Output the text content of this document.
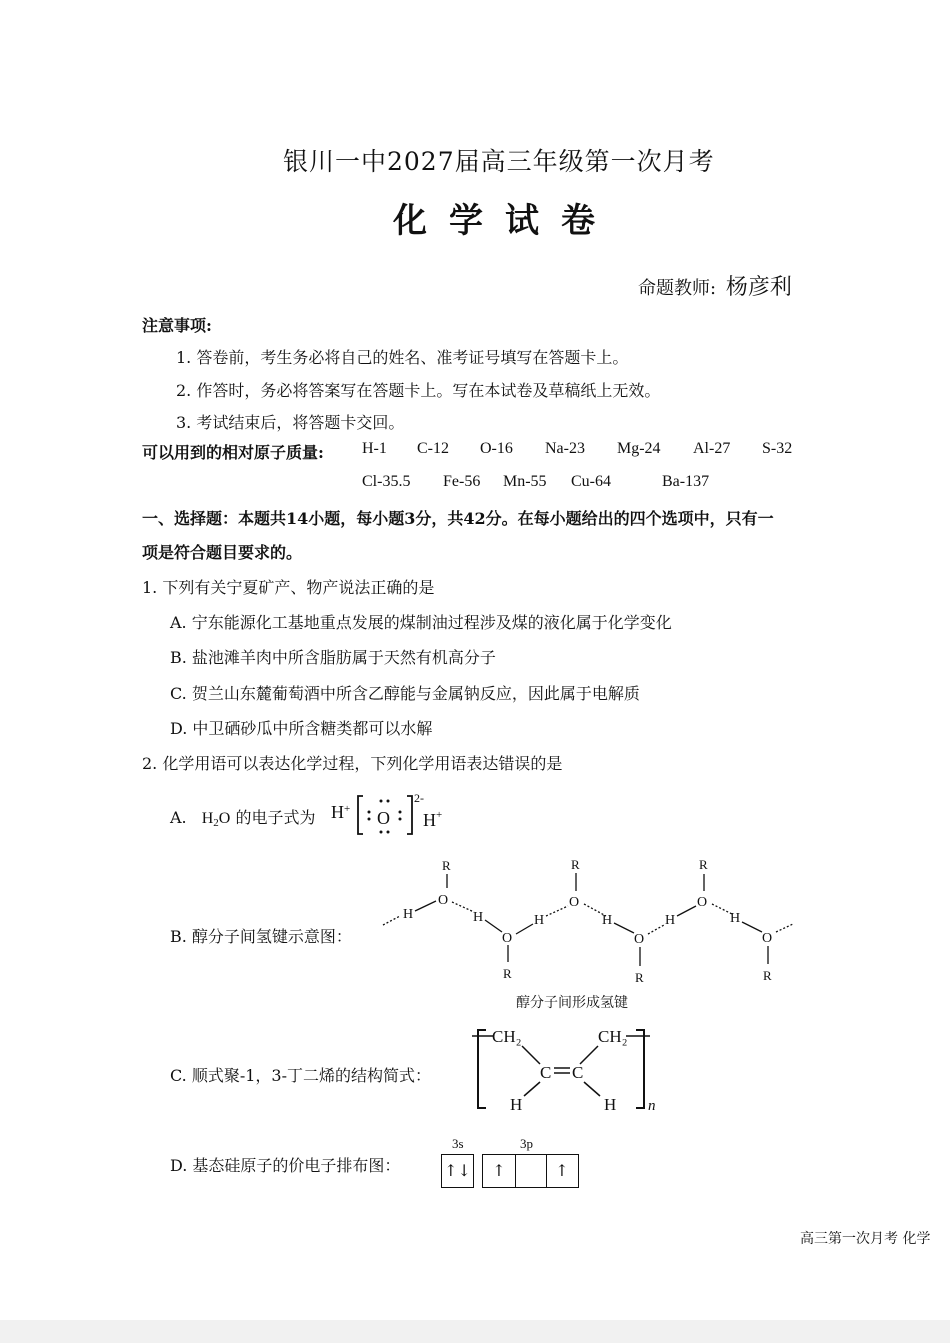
银川一中2027届高三年级第一次月考
化学试卷
命题教师: 杨彦利
注意事项:
1. 答卷前，考生务必将自己的姓名、准考证号填写在答题卡上。
2. 作答时，务必将答案写在答题卡上。写在本试卷及草稿纸上无效。
3. 考试结束后，将答题卡交回。
可以用到的相对原子质量: H-1 C-12 O-16 Na-23 Mg-24 Al-27 S-32
Cl-35.5 Fe-56 Mn-55 Cu-64	Ba-137
一、选择题：本题共14小题，每小题3分，共42分。在每小题给出的四个选项中，只有一
项是符合题目要求的。
1. 下列有关宁夏矿产、物产说法正确的是
A. 宁东能源化工基地重点发展的煤制油过程涉及煤的液化属于化学变化
B. 盐池滩羊肉中所含脂肪属于天然有机高分子
C. 贺兰山东麓葡萄酒中所含乙醇能与金属钠反应，因此属于电解质
D. 中卫硒砂瓜中所含糖类都可以水解
2. 化学用语可以表达化学过程，下列化学用语表达错误的是
A. $H_2O$ 的电子式为 H+ O
2-
H +
B. 醇分子间氢键示意图：
H
O
R
H
O
R
H
O
R
H
O
R
H
O
R
H
O
R
醇分子间形成氢键
C. 顺式聚-1，3-丁二烯的结构简式：
CH₂	CH₂
C C
H	H n
D. 基态硅原子的价电子排布图：
3s	3p
↑↓	↑	↑
高三第一次月考 化学
